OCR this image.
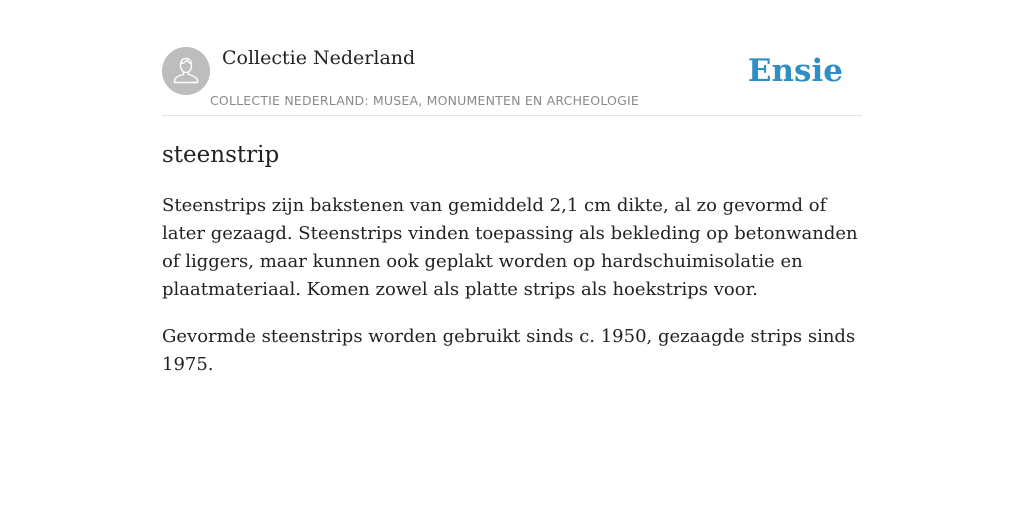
Collectie Nederland
COLLECTIE NEDERLAND: MUSEA, MONUMENTEN EN ARCHEOLOGIE
Ensie
steenstrip

Steenstrips zijn bakstenen van gemiddeld 2,1 cm dikte, al zo gevormd of later gezaagd. Steenstrips vinden toepassing als bekleding op betonwanden of liggers, maar kunnen ook geplakt worden op hardschuimisolatie en plaatmateriaal. Komen zowel als platte strips als hoekstrips voor.

Gevormde steenstrips worden gebruikt sinds c. 1950, gezaagde strips sinds 1975.
